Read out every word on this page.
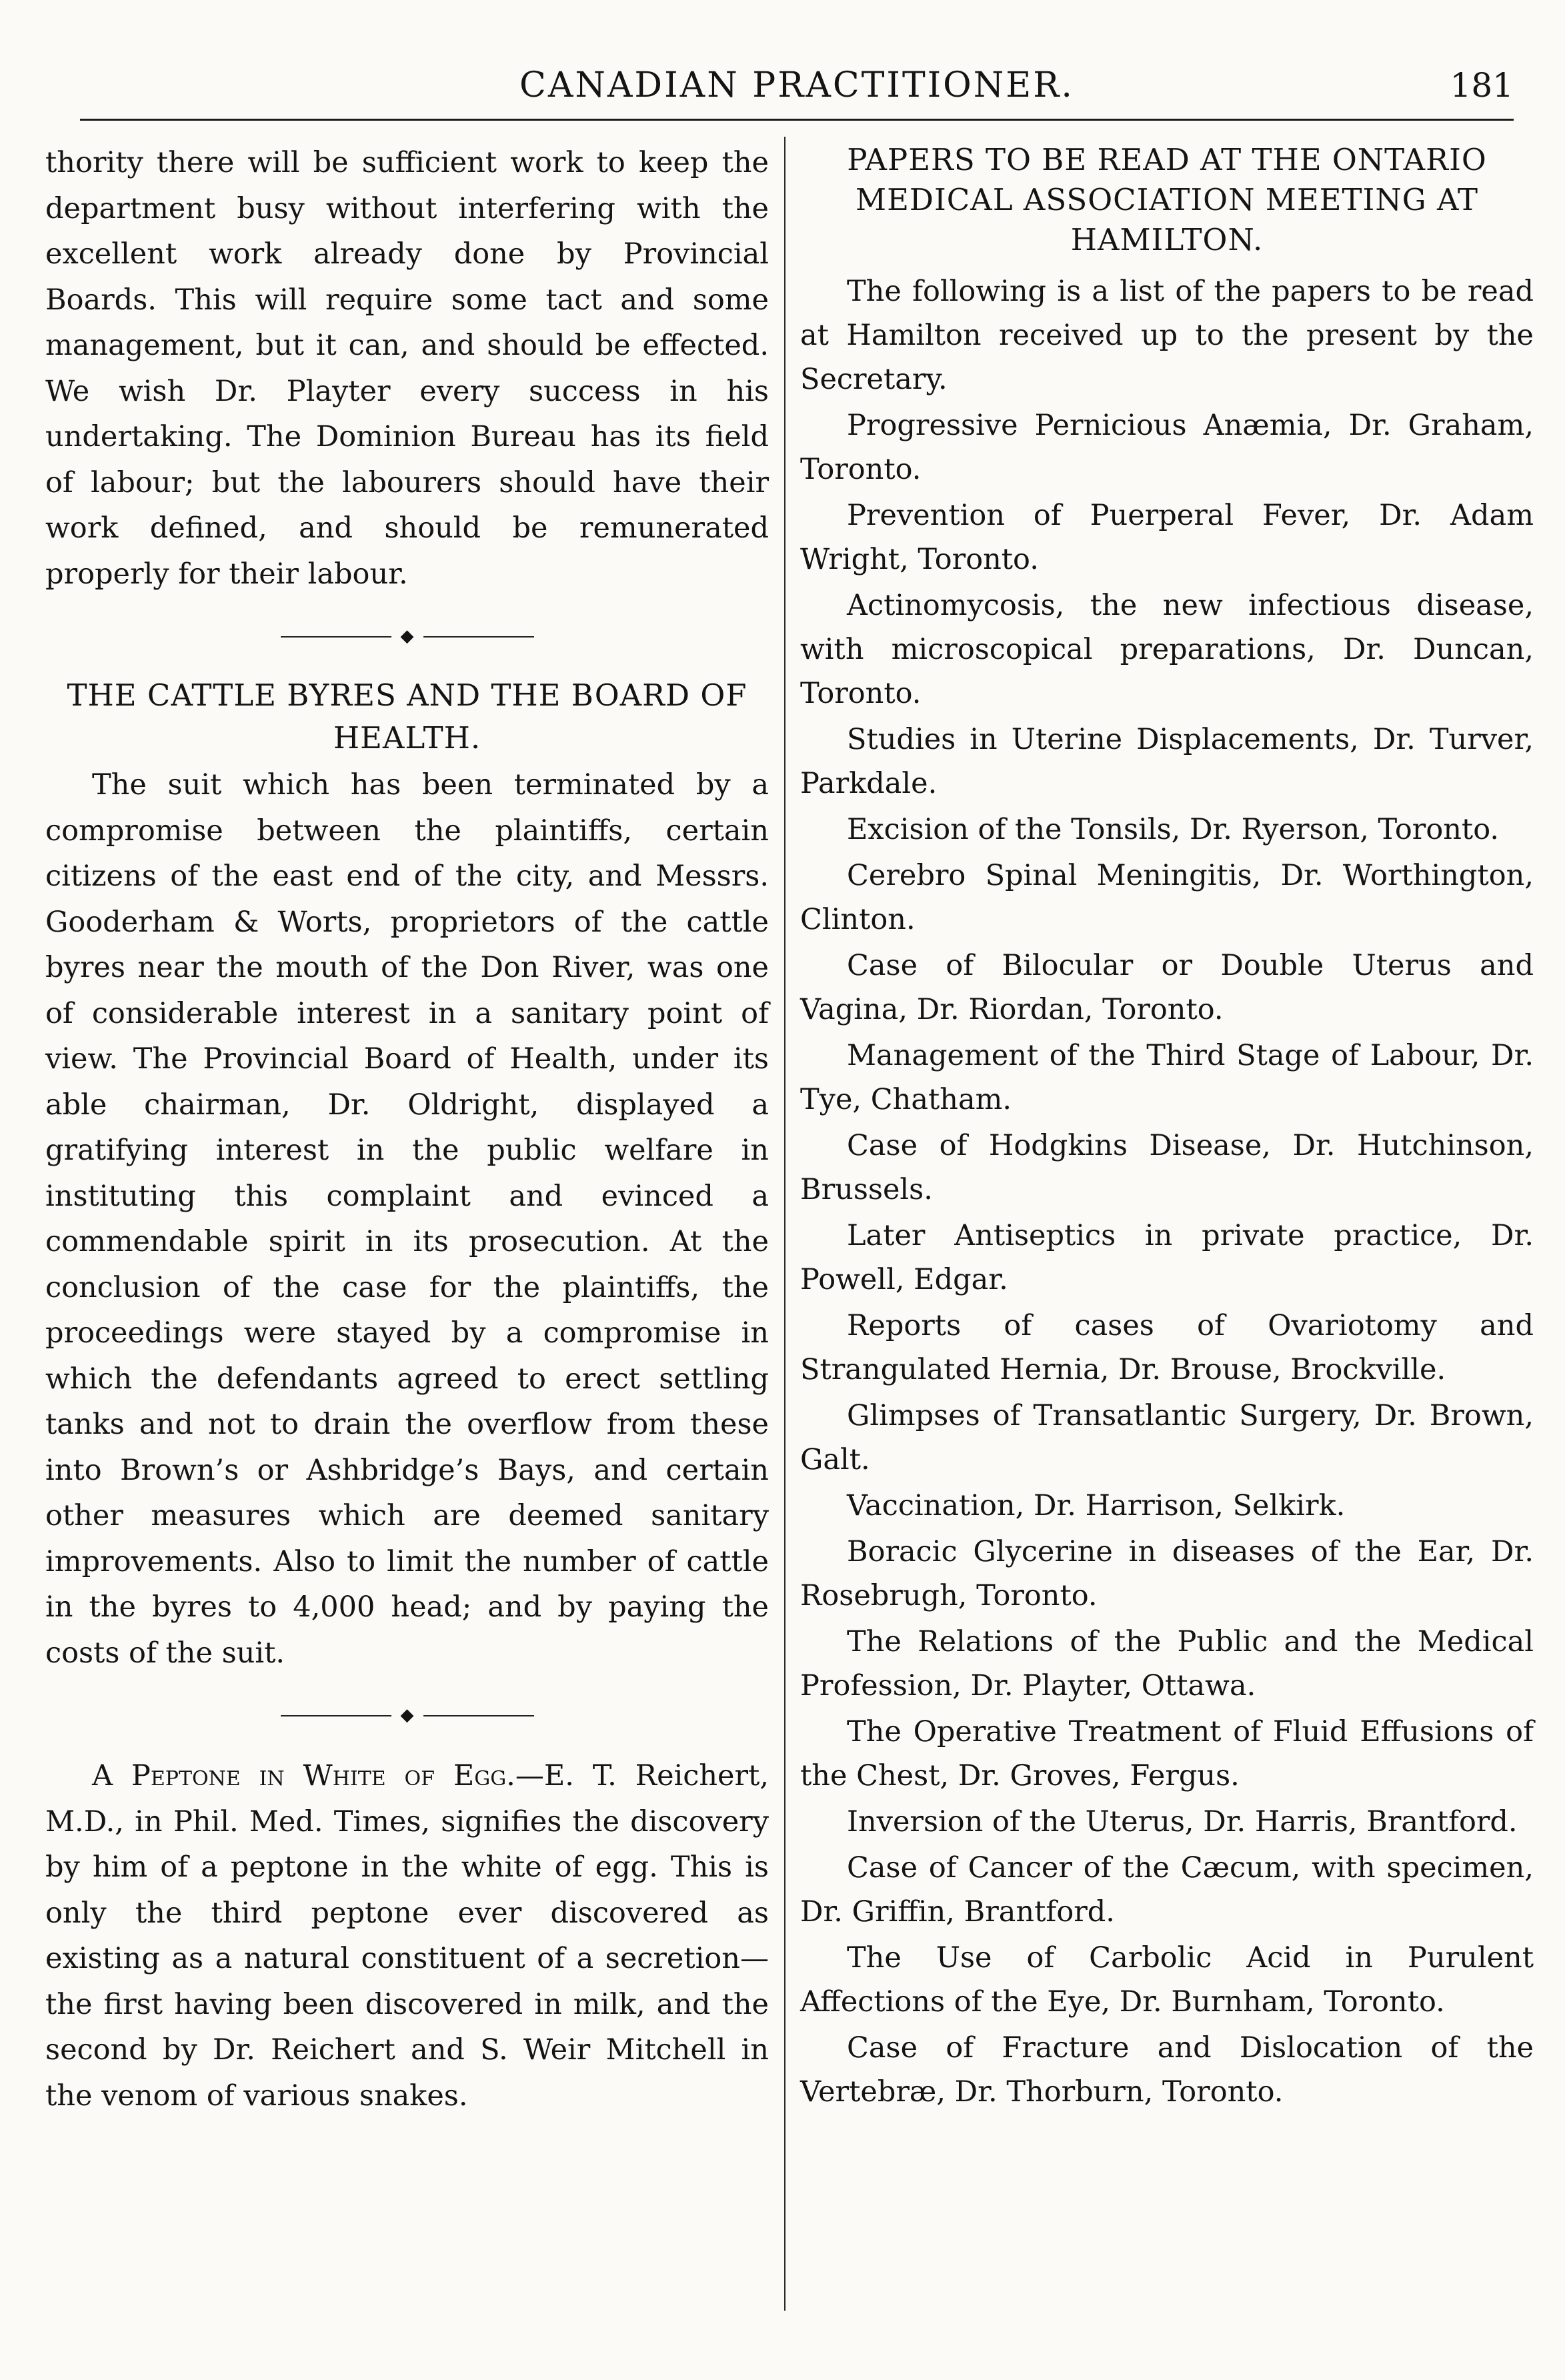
CANADIAN PRACTITIONER.	181

thority there will be sufficient work to keep the department busy without interfering with the excellent work already done by Provincial Boards. This will require some tact and some management, but it can, and should be effected. We wish Dr. Playter every success in his undertaking. The Dominion Bureau has its field of labour; but the labourers should have their work defined, and should be remunerated properly for their labour.

◆
THE CATTLE BYRES AND THE BOARD OF HEALTH.

The suit which has been terminated by a compromise between the plaintiffs, certain citizens of the east end of the city, and Messrs. Gooderham & Worts, proprietors of the cattle byres near the mouth of the Don River, was one of considerable interest in a sanitary point of view. The Provincial Board of Health, under its able chairman, Dr. Oldright, displayed a gratifying interest in the public welfare in instituting this complaint and evinced a commendable spirit in its prosecution. At the conclusion of the case for the plaintiffs, the proceedings were stayed by a compromise in which the defendants agreed to erect settling tanks and not to drain the overflow from these into Brown’s or Ashbridge’s Bays, and certain other measures which are deemed sanitary improvements. Also to limit the number of cattle in the byres to 4,000 head; and by paying the costs of the suit.

◆

A Peptone in White of Egg.—E. T. Reichert, M.D., in Phil. Med. Times, signifies the discovery by him of a peptone in the white of egg. This is only the third peptone ever discovered as existing as a natural constituent of a secretion—the first having been discovered in milk, and the second by Dr. Reichert and S. Weir Mitchell in the venom of various snakes.

PAPERS TO BE READ AT THE ONTARIO MEDICAL ASSOCIATION MEETING AT HAMILTON.

The following is a list of the papers to be read at Hamilton received up to the present by the Secretary.

Progressive Pernicious Anæmia, Dr. Graham, Toronto.

Prevention of Puerperal Fever, Dr. Adam Wright, Toronto.

Actinomycosis, the new infectious disease, with microscopical preparations, Dr. Duncan, Toronto.

Studies in Uterine Displacements, Dr. Turver, Parkdale.

Excision of the Tonsils, Dr. Ryerson, Toronto.

Cerebro Spinal Meningitis, Dr. Worthington, Clinton.

Case of Bilocular or Double Uterus and Vagina, Dr. Riordan, Toronto.

Management of the Third Stage of Labour, Dr. Tye, Chatham.

Case of Hodgkins Disease, Dr. Hutchinson, Brussels.

Later Antiseptics in private practice, Dr. Powell, Edgar.

Reports of cases of Ovariotomy and Strangulated Hernia, Dr. Brouse, Brockville.

Glimpses of Transatlantic Surgery, Dr. Brown, Galt.

Vaccination, Dr. Harrison, Selkirk.

Boracic Glycerine in diseases of the Ear, Dr. Rosebrugh, Toronto.

The Relations of the Public and the Medical Profession, Dr. Playter, Ottawa.

The Operative Treatment of Fluid Effusions of the Chest, Dr. Groves, Fergus.

Inversion of the Uterus, Dr. Harris, Brantford.

Case of Cancer of the Cæcum, with specimen, Dr. Griffin, Brantford.

The Use of Carbolic Acid in Purulent Affections of the Eye, Dr. Burnham, Toronto.

Case of Fracture and Dislocation of the Vertebræ, Dr. Thorburn, Toronto.
